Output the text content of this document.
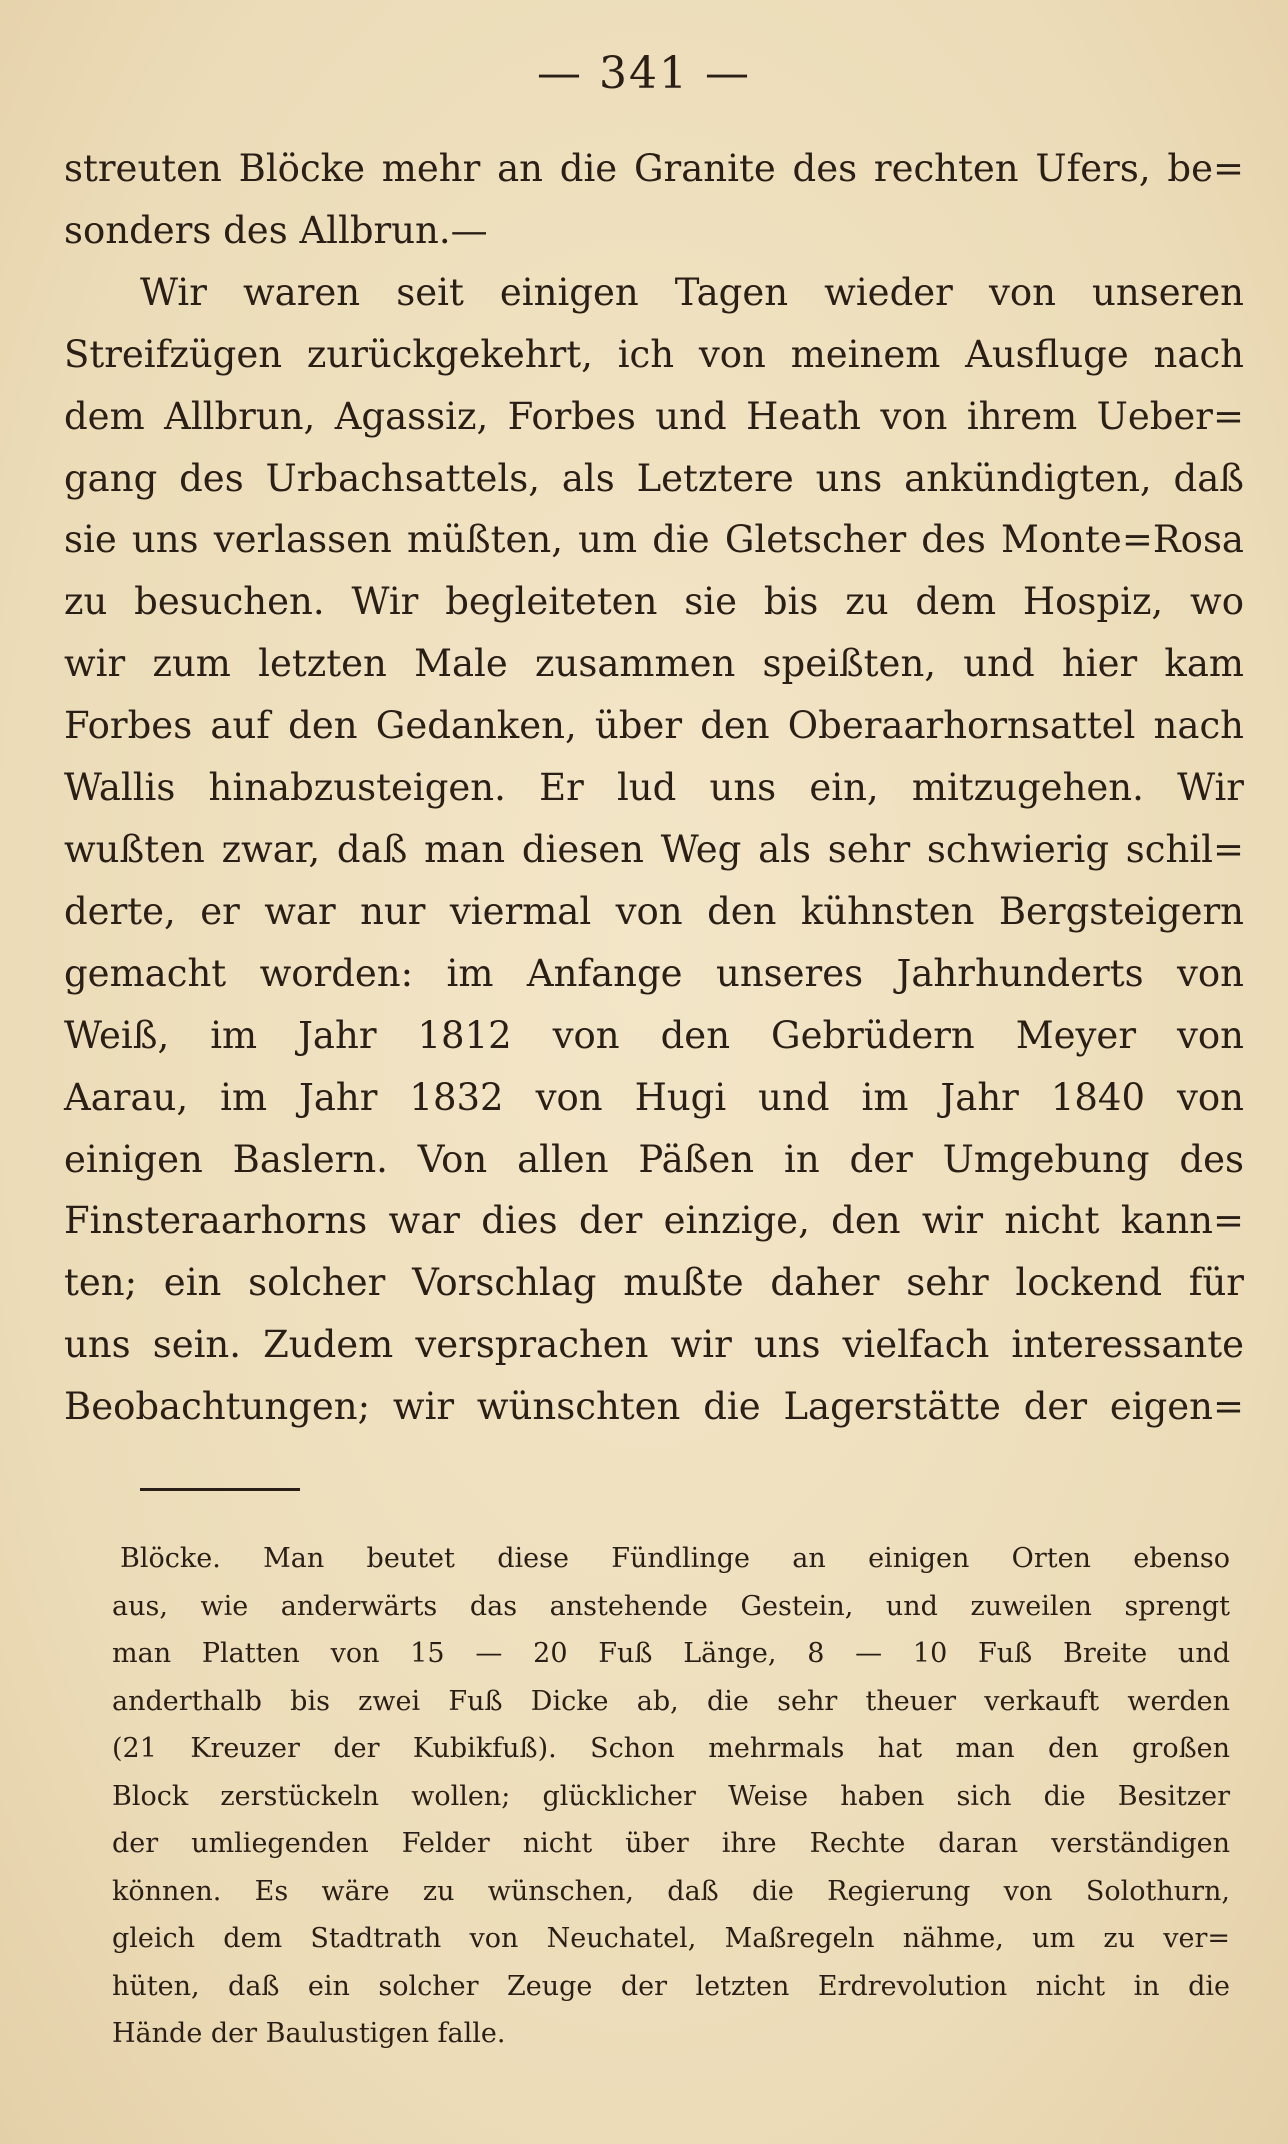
— 341 —
streuten Blöcke mehr an die Granite des rechten Ufers, be=
sonders des Allbrun.—
Wir waren seit einigen Tagen wieder von unseren
Streifzügen zurückgekehrt, ich von meinem Ausfluge nach
dem Allbrun, Agassiz, Forbes und Heath von ihrem Ueber=
gang des Urbachsattels, als Letztere uns ankündigten, daß
sie uns verlassen müßten, um die Gletscher des Monte=Rosa
zu besuchen. Wir begleiteten sie bis zu dem Hospiz, wo
wir zum letzten Male zusammen speißten, und hier kam
Forbes auf den Gedanken, über den Oberaarhornsattel nach
Wallis hinabzusteigen. Er lud uns ein, mitzugehen. Wir
wußten zwar, daß man diesen Weg als sehr schwierig schil=
derte, er war nur viermal von den kühnsten Bergsteigern
gemacht worden: im Anfange unseres Jahrhunderts von
Weiß, im Jahr 1812 von den Gebrüdern Meyer von
Aarau, im Jahr 1832 von Hugi und im Jahr 1840 von
einigen Baslern. Von allen Päßen in der Umgebung des
Finsteraarhorns war dies der einzige, den wir nicht kann=
ten; ein solcher Vorschlag mußte daher sehr lockend für
uns sein. Zudem versprachen wir uns vielfach interessante
Beobachtungen; wir wünschten die Lagerstätte der eigen=
Blöcke. Man beutet diese Fündlinge an einigen Orten ebenso
aus, wie anderwärts das anstehende Gestein, und zuweilen sprengt
man Platten von 15 — 20 Fuß Länge, 8 — 10 Fuß Breite und
anderthalb bis zwei Fuß Dicke ab, die sehr theuer verkauft werden
(21 Kreuzer der Kubikfuß). Schon mehrmals hat man den großen
Block zerstückeln wollen; glücklicher Weise haben sich die Besitzer
der umliegenden Felder nicht über ihre Rechte daran verständigen
können. Es wäre zu wünschen, daß die Regierung von Solothurn,
gleich dem Stadtrath von Neuchatel, Maßregeln nähme, um zu ver=
hüten, daß ein solcher Zeuge der letzten Erdrevolution nicht in die
Hände der Baulustigen falle.
